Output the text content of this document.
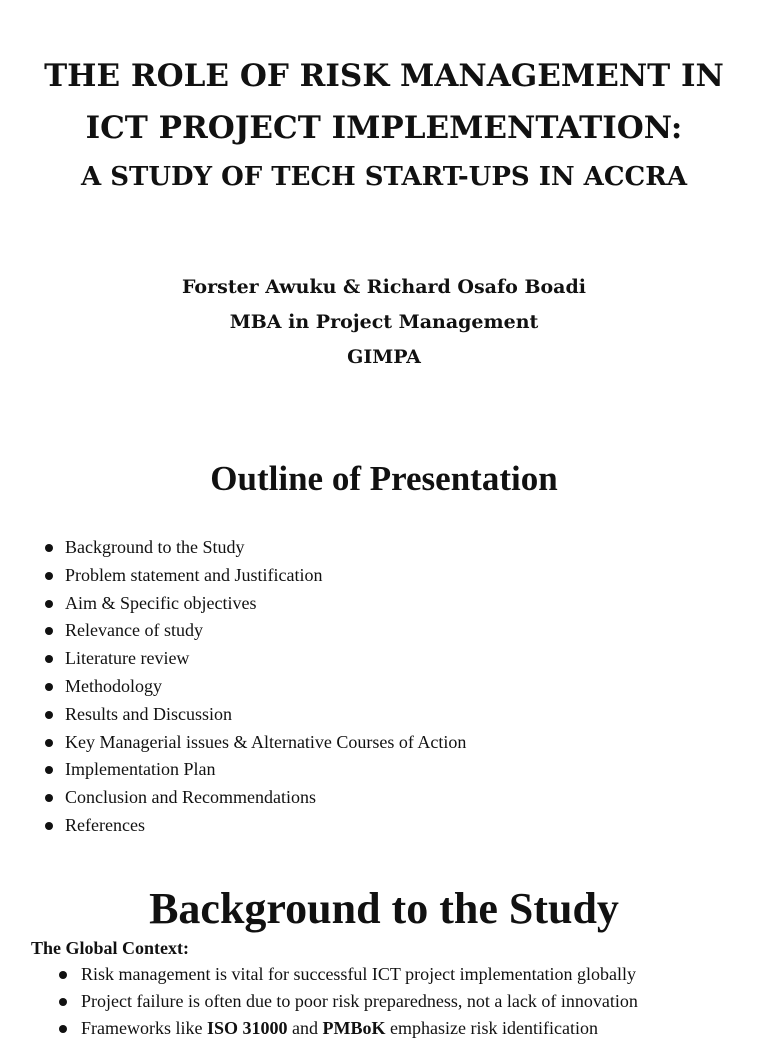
THE ROLE OF RISK MANAGEMENT IN
ICT PROJECT IMPLEMENTATION:
A STUDY OF TECH START-UPS IN ACCRA
Forster Awuku & Richard Osafo Boadi
MBA in Project Management
GIMPA
Outline of Presentation
Background to the Study
Problem statement and Justification
Aim & Specific objectives
Relevance of study
Literature review
Methodology
Results and Discussion
Key Managerial issues & Alternative Courses of Action
Implementation Plan
Conclusion and Recommendations
References
Background to the Study
The Global Context:
Risk management is vital for successful ICT project implementation globally
Project failure is often due to poor risk preparedness, not a lack of innovation
Frameworks like ISO 31000 and PMBoK emphasize risk identification
